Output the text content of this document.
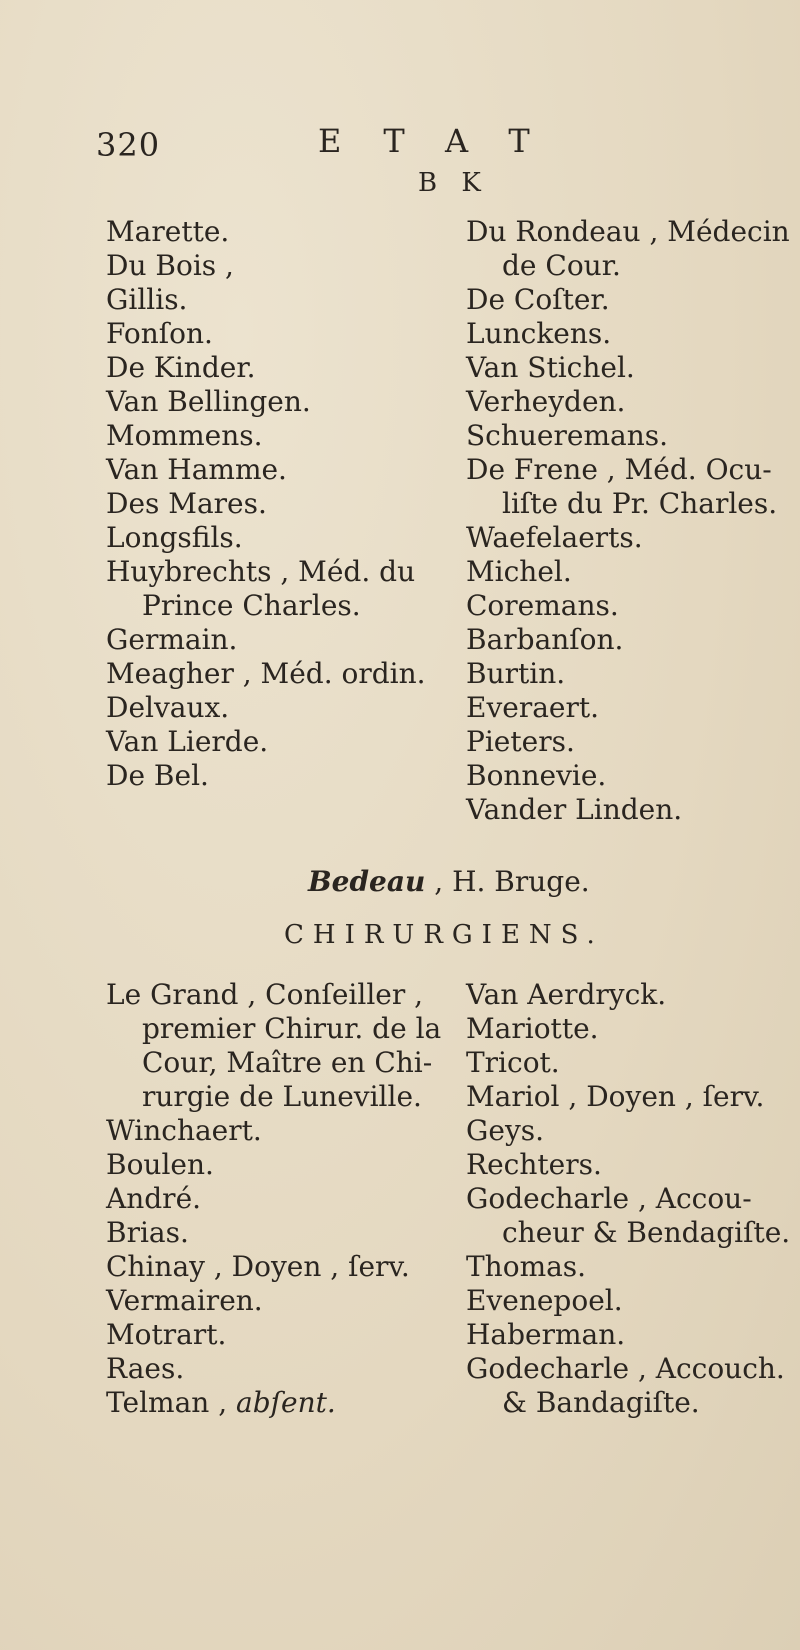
320	ETAT
B K
Marette.
Du Bois ,
Gillis.
Fonſon.
De Kinder.
Van Bellingen.
Mommens.
Van Hamme.
Des Mares.
Longsfils.
Huybrechts , Méd. du
Prince Charles.
Germain.
Meagher , Méd. ordin.
Delvaux.
Van Lierde.
De Bel.
Du Rondeau , Médecin
de Cour.
De Coſter.
Lunckens.
Van Stichel.
Verheyden.
Schueremans.
De Frene , Méd. Ocu-
liſte du Pr. Charles.
Waefelaerts.
Michel.
Coremans.
Barbanſon.
Burtin.
Everaert.
Pieters.
Bonnevie.
Vander Linden.
Bedeau , H. Bruge.
CHIRURGIENS.
Le Grand , Conſeiller ,
premier Chirur. de la
Cour, Maître en Chi-
rurgie de Luneville.
Winchaert.
Boulen.
André.
Brias.
Chinay , Doyen , ſerv.
Vermairen.
Motrart.
Raes.
Telman , abſent.
Van Aerdryck.
Mariotte.
Tricot.
Mariol , Doyen , ſerv.
Geys.
Rechters.
Godecharle , Accou-
cheur & Bendagiſte.
Thomas.
Evenepoel.
Haberman.
Godecharle , Accouch.
& Bandagiſte.
